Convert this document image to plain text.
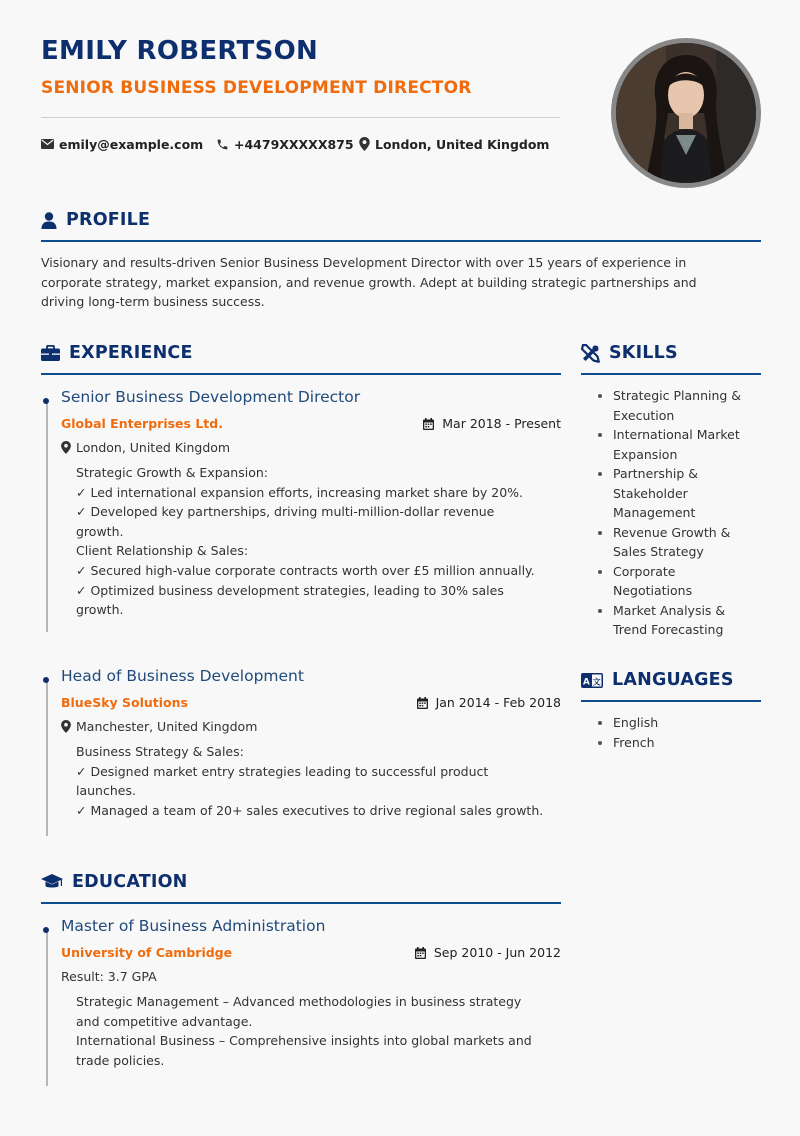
EMILY ROBERTSON
SENIOR BUSINESS DEVELOPMENT DIRECTOR
emily@example.com +4479XXXXX875 London, United Kingdom
PROFILE
Visionary and results-driven Senior Business Development Director with over 15 years of experience in
corporate strategy, market expansion, and revenue growth. Adept at building strategic partnerships and
driving long-term business success.
EXPERIENCE
Senior Business Development Director
Global Enterprises Ltd.	Mar 2018 - Present
London, United Kingdom
Strategic Growth & Expansion:
✓ Led international expansion efforts, increasing market share by 20%.
✓ Developed key partnerships, driving multi-million-dollar revenue
growth.
Client Relationship & Sales:
✓ Secured high-value corporate contracts worth over £5 million annually.
✓ Optimized business development strategies, leading to 30% sales
growth.
Head of Business Development
BlueSky Solutions	Jan 2014 - Feb 2018
Manchester, United Kingdom
Business Strategy & Sales:
✓ Designed market entry strategies leading to successful product
launches.
✓ Managed a team of 20+ sales executives to drive regional sales growth.
EDUCATION
Master of Business Administration
University of Cambridge	Sep 2010 - Jun 2012
Result: 3.7 GPA
Strategic Management – Advanced methodologies in business strategy
and competitive advantage.
International Business – Comprehensive insights into global markets and
trade policies.
SKILLS
Strategic Planning &
Execution
International Market
Expansion
Partnership &
Stakeholder
Management
Revenue Growth &
Sales Strategy
Corporate
Negotiations
Market Analysis &
Trend Forecasting
A 文 LANGUAGES
English
French
